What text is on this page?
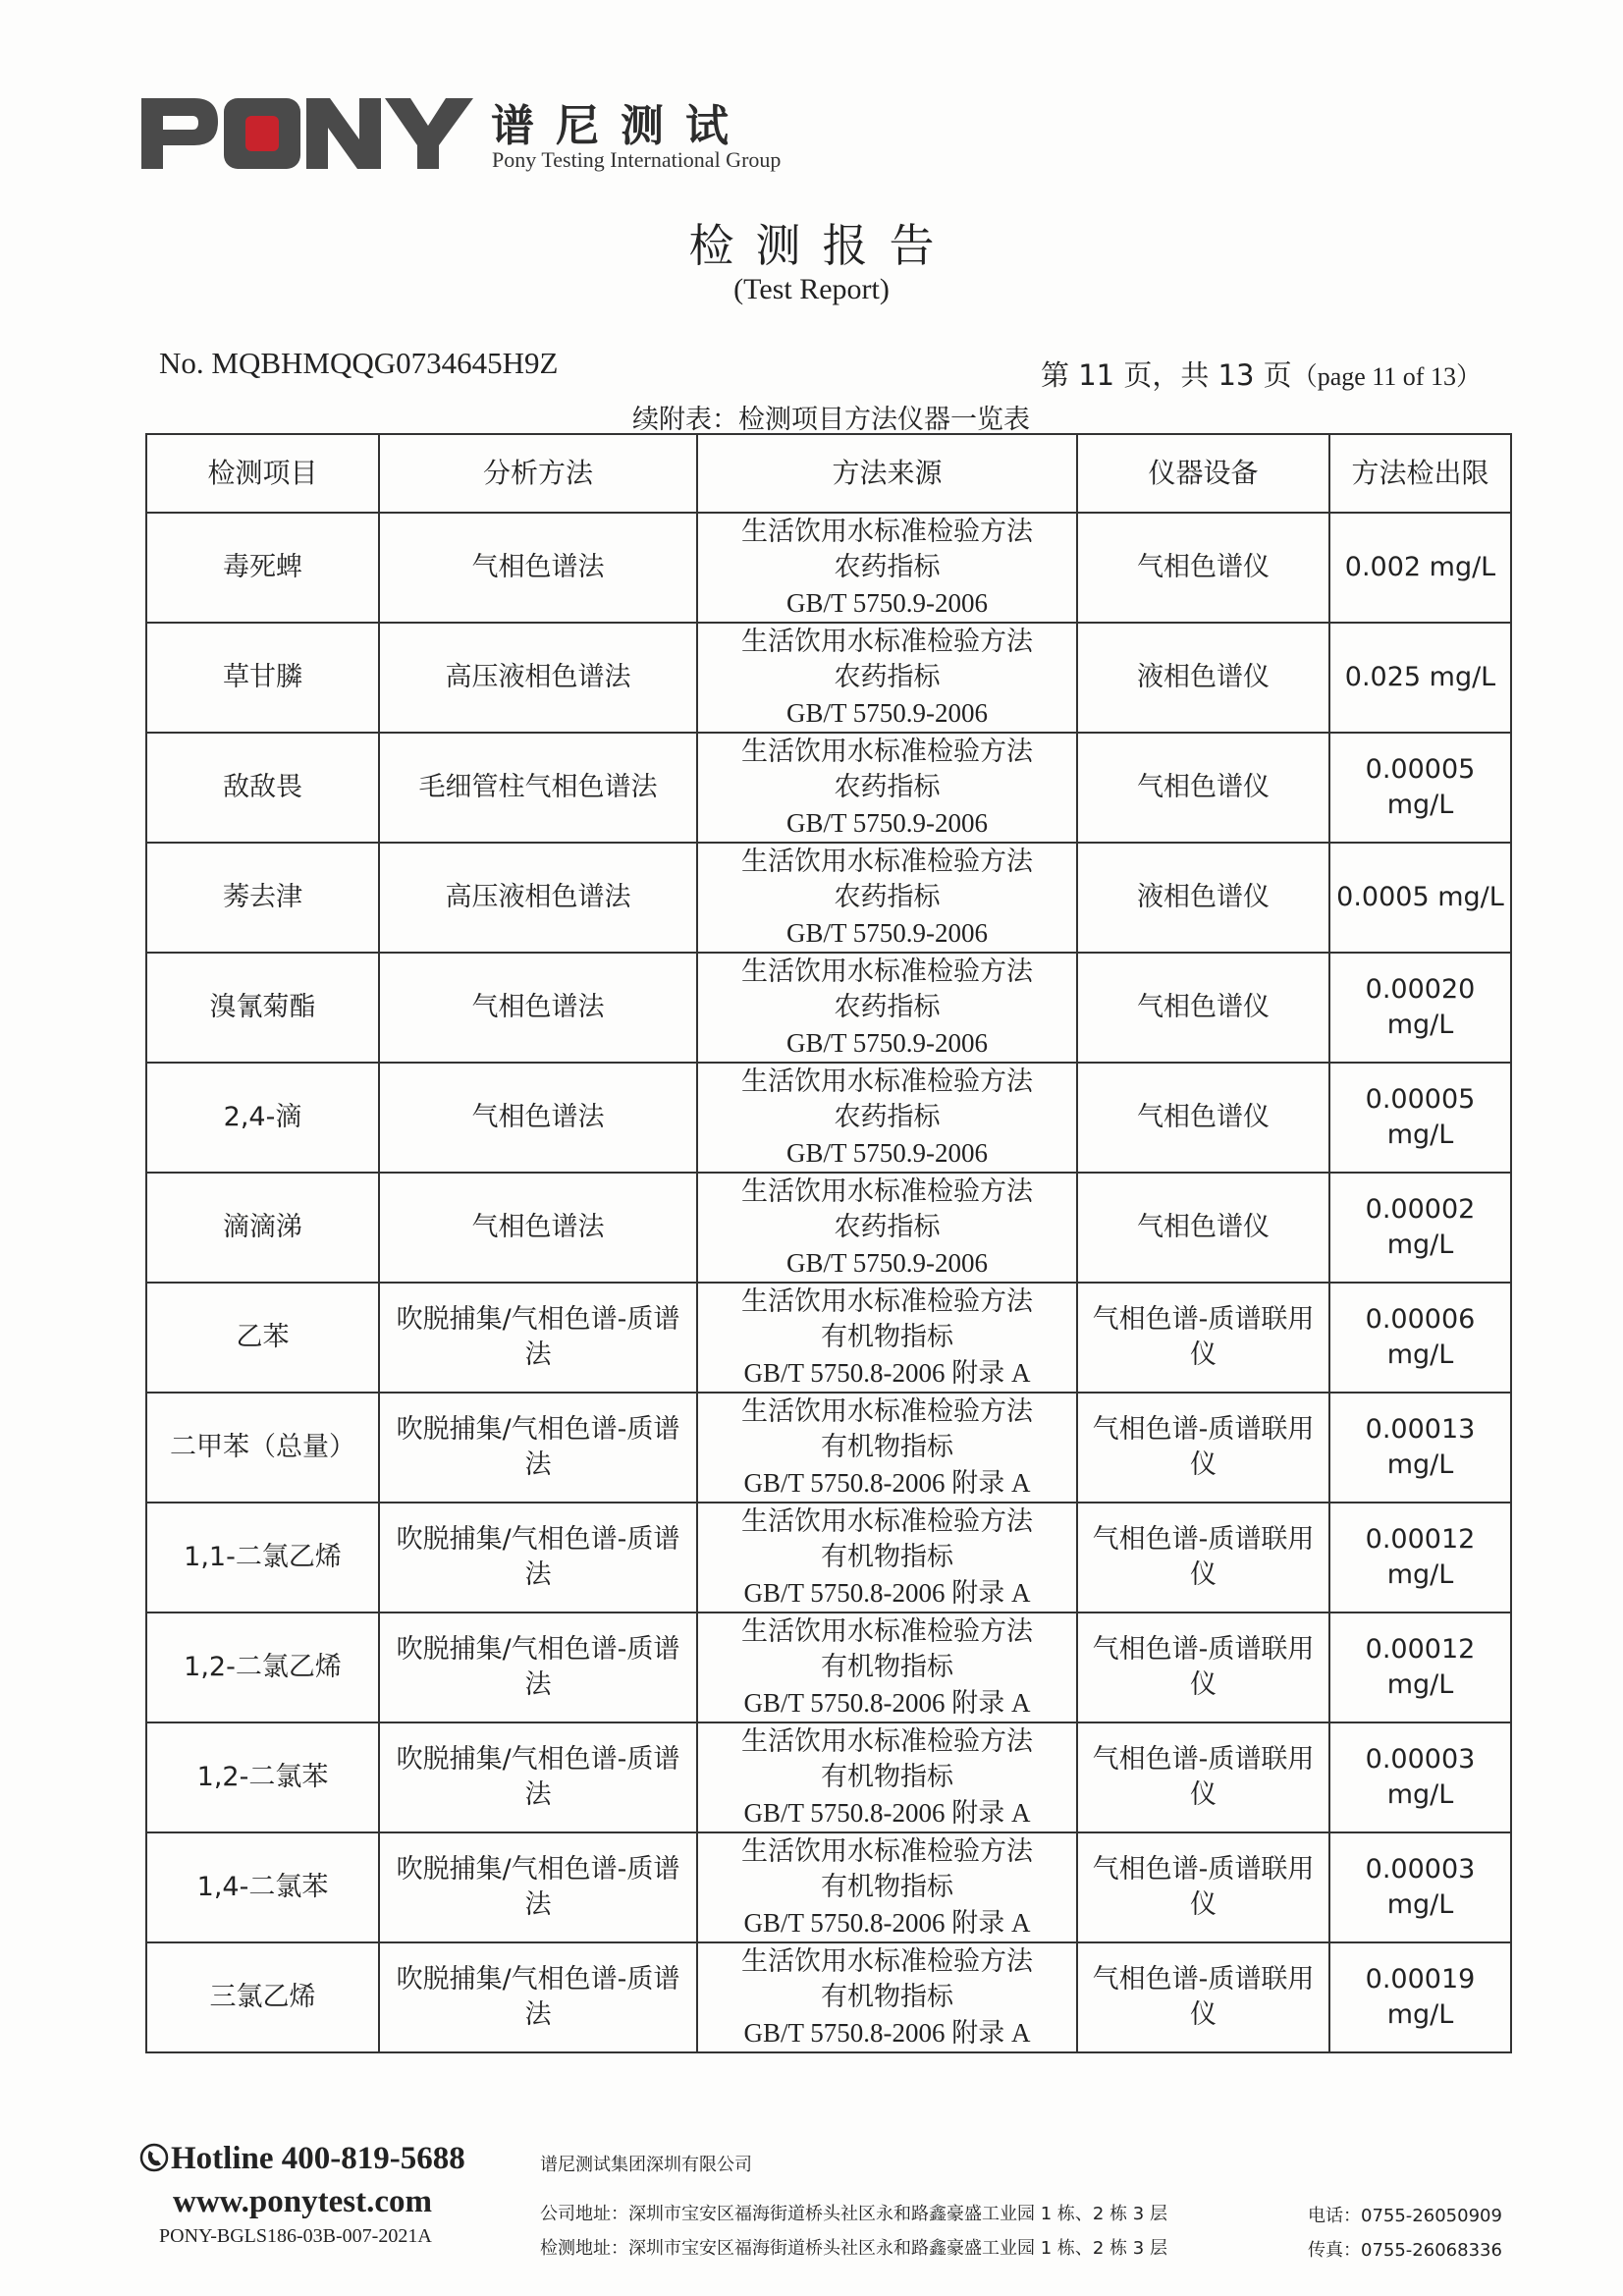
谱尼测试
Pony Testing International Group
检测报告
(Test Report)
No. MQBHMQQG0734645H9Z	第 11 页，共 13 页（page 11 of 13）
续附表：检测项目方法仪器一览表
检测项目	分析方法	方法来源	仪器设备	方法检出限
毒死蜱	气相色谱法	生活饮用水标准检验方法
农药指标
GB/T 5750.9-2006	气相色谱仪	0.002 mg/L
草甘膦	高压液相色谱法	生活饮用水标准检验方法
农药指标
GB/T 5750.9-2006	液相色谱仪	0.025 mg/L
敌敌畏	毛细管柱气相色谱法	生活饮用水标准检验方法
农药指标
GB/T 5750.9-2006	气相色谱仪	0.00005 mg/L
莠去津	高压液相色谱法	生活饮用水标准检验方法
农药指标
GB/T 5750.9-2006	液相色谱仪	0.0005 mg/L
溴氰菊酯	气相色谱法	生活饮用水标准检验方法
农药指标
GB/T 5750.9-2006	气相色谱仪	0.00020 mg/L
2,4-滴	气相色谱法	生活饮用水标准检验方法
农药指标
GB/T 5750.9-2006	气相色谱仪	0.00005 mg/L
滴滴涕	气相色谱法	生活饮用水标准检验方法
农药指标
GB/T 5750.9-2006	气相色谱仪	0.00002 mg/L
乙苯	吹脱捕集/气相色谱-质谱法	生活饮用水标准检验方法
有机物指标
GB/T 5750.8-2006 附录 A	气相色谱-质谱联用仪	0.00006 mg/L
二甲苯（总量）	吹脱捕集/气相色谱-质谱法	生活饮用水标准检验方法
有机物指标
GB/T 5750.8-2006 附录 A	气相色谱-质谱联用仪	0.00013 mg/L
1,1-二氯乙烯	吹脱捕集/气相色谱-质谱法	生活饮用水标准检验方法
有机物指标
GB/T 5750.8-2006 附录 A	气相色谱-质谱联用仪	0.00012 mg/L
1,2-二氯乙烯	吹脱捕集/气相色谱-质谱法	生活饮用水标准检验方法
有机物指标
GB/T 5750.8-2006 附录 A	气相色谱-质谱联用仪	0.00012 mg/L
1,2-二氯苯	吹脱捕集/气相色谱-质谱法	生活饮用水标准检验方法
有机物指标
GB/T 5750.8-2006 附录 A	气相色谱-质谱联用仪	0.00003 mg/L
1,4-二氯苯	吹脱捕集/气相色谱-质谱法	生活饮用水标准检验方法
有机物指标
GB/T 5750.8-2006 附录 A	气相色谱-质谱联用仪	0.00003 mg/L
三氯乙烯	吹脱捕集/气相色谱-质谱法	生活饮用水标准检验方法
有机物指标
GB/T 5750.8-2006 附录 A	气相色谱-质谱联用仪	0.00019 mg/L
Hotline 400-819-5688
www.ponytest.com
PONY-BGLS186-03B-007-2021A
谱尼测试集团深圳有限公司
公司地址：深圳市宝安区福海街道桥头社区永和路鑫豪盛工业园 1 栋、2 栋 3 层
检测地址：深圳市宝安区福海街道桥头社区永和路鑫豪盛工业园 1 栋、2 栋 3 层
电话：0755-26050909
传真：0755-26068336
